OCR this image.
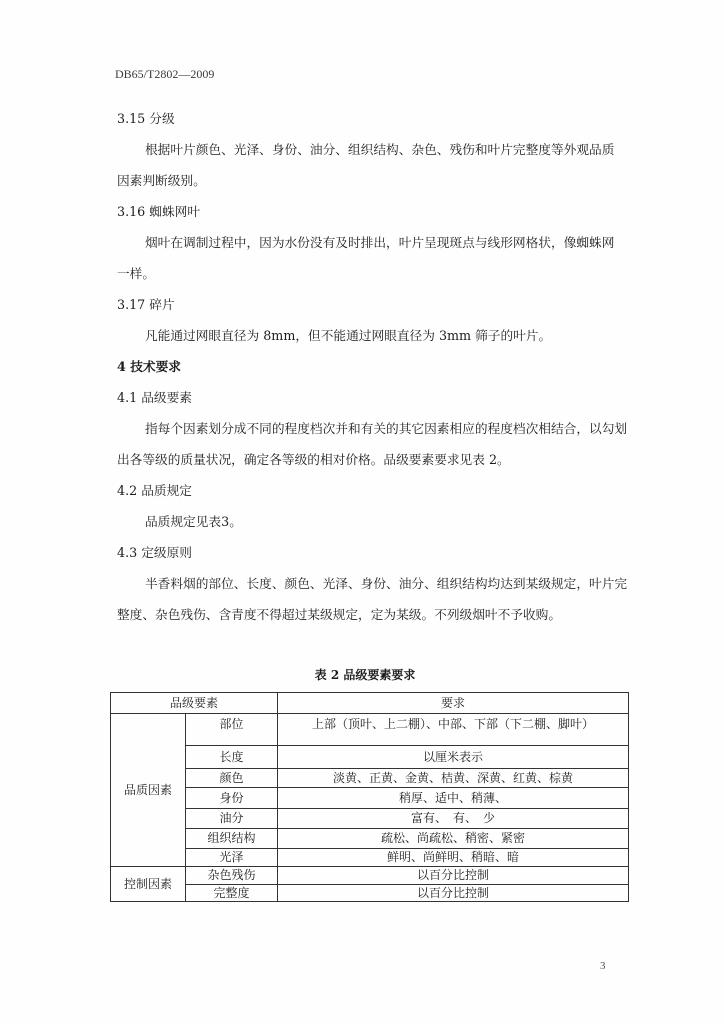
DB65/T2802—2009
3.15 分级
根据叶片颜色、光泽、身份、油分、组织结构、杂色、残伤和叶片完整度等外观品质
因素判断级别。
3.16 蜘蛛网叶
烟叶在调制过程中，因为水份没有及时排出，叶片呈现斑点与线形网格状，像蜘蛛网
一样。
3.17 碎片
凡能通过网眼直径为 8mm，但不能通过网眼直径为 3mm 筛子的叶片。
4 技术要求
4.1 品级要素
指每个因素划分成不同的程度档次并和有关的其它因素相应的程度档次相结合，以勾划
出各等级的质量状况，确定各等级的相对价格。品级要素要求见表 2。
4.2 品质规定
品质规定见表3。
4.3 定级原则
半香料烟的部位、长度、颜色、光泽、身份、油分、组织结构均达到某级规定，叶片完
整度、杂色残伤、含青度不得超过某级规定，定为某级。不列级烟叶不予收购。
表 2 品级要素要求
品级要素		要求
品质因素	部位	上部（顶叶、上二棚）、中部、下部（下二棚、脚叶）
	长度	以厘米表示
	颜色	淡黄、正黄、金黄、桔黄、深黄、红黄、棕黄
	身份	稍厚、适中、稍薄、
	油分	富有、　有、　少
	组织结构	疏松、尚疏松、稍密、紧密
	光泽	鲜明、尚鲜明、稍暗、暗
控制因素	杂色残伤	以百分比控制
	完整度	以百分比控制
3
